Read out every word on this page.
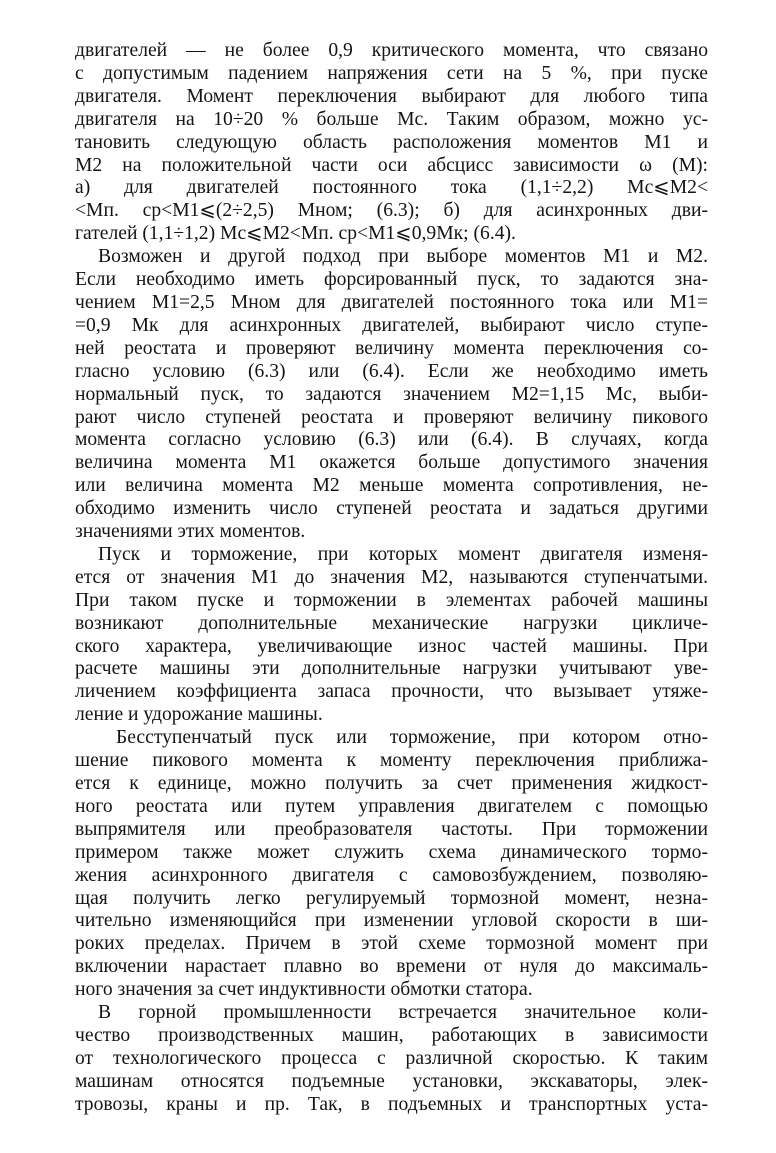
двигателей — не более 0,9 критического момента, что связано

с допустимым падением напряжения сети на 5 %, при пуске

двигателя. Момент переключения выбирают для любого типа

двигателя на 10÷20 % больше Mс. Таким образом, можно ус-

тановить следующую область расположения моментов M1 и

M2 на положительной части оси абсцисс зависимости ω (M):

а) для двигателей постоянного тока (1,1÷2,2) Mс⩽M2<

<Mп. ср<M1⩽(2÷2,5) Mном; (6.3); б) для асинхронных дви-

гателей (1,1÷1,2) Mс⩽M2<Mп. ср<M1⩽0,9Mк; (6.4).

Возможен и другой подход при выборе моментов M1 и M2.

Если необходимо иметь форсированный пуск, то задаются зна-

чением M1=2,5 Mном для двигателей постоянного тока или M1=

=0,9 Mк для асинхронных двигателей, выбирают число ступе-

ней реостата и проверяют величину момента переключения со-

гласно условию (6.3) или (6.4). Если же необходимо иметь

нормальный пуск, то задаются значением M2=1,15 Mс, выби-

рают число ступеней реостата и проверяют величину пикового

момента согласно условию (6.3) или (6.4). В случаях, когда

величина момента M1 окажется больше допустимого значения

или величина момента M2 меньше момента сопротивления, не-

обходимо изменить число ступеней реостата и задаться другими

значениями этих моментов.

Пуск и торможение, при которых момент двигателя изменя-

ется от значения M1 до значения M2, называются ступенчатыми.

При таком пуске и торможении в элементах рабочей машины

возникают дополнительные механические нагрузки цикличе-

ского характера, увеличивающие износ частей машины. При

расчете машины эти дополнительные нагрузки учитывают уве-

личением коэффициента запаса прочности, что вызывает утяже-

ление и удорожание машины.

Бесступенчатый пуск или торможение, при котором отно-

шение пикового момента к моменту переключения приближа-

ется к единице, можно получить за счет применения жидкост-

ного реостата или путем управления двигателем с помощью

выпрямителя или преобразователя частоты. При торможении

примером также может служить схема динамического тормо-

жения асинхронного двигателя с самовозбуждением, позволяю-

щая получить легко регулируемый тормозной момент, незна-

чительно изменяющийся при изменении угловой скорости в ши-

роких пределах. Причем в этой схеме тормозной момент при

включении нарастает плавно во времени от нуля до максималь-

ного значения за счет индуктивности обмотки статора.

В горной промышленности встречается значительное коли-

чество производственных машин, работающих в зависимости

от технологического процесса с различной скоростью. К таким

машинам относятся подъемные установки, экскаваторы, элек-

тровозы, краны и пр. Так, в подъемных и транспортных уста-
